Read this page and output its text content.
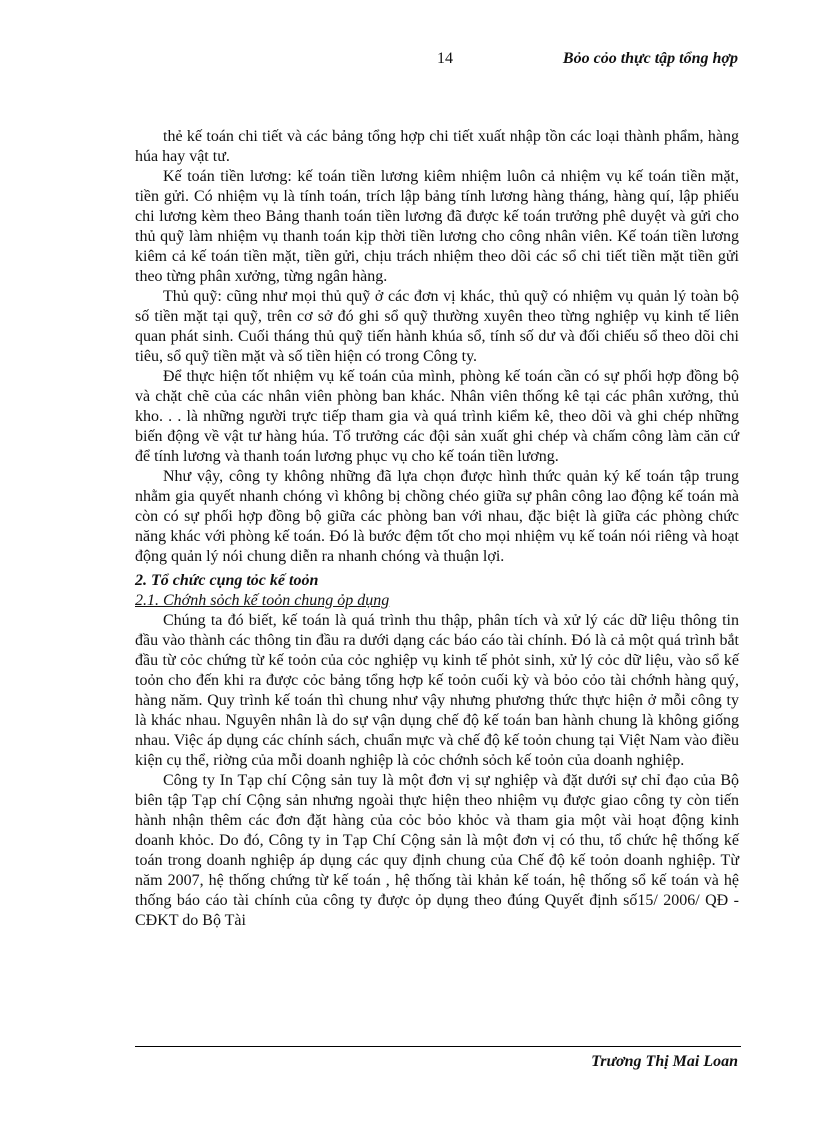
14	Bỏo cỏo thực tập tổng hợp

thẻ kế toán chi tiết và các bảng tổng hợp chi tiết xuất nhập tồn các loại thành phẩm, hàng húa hay vật tư.

Kế toán tiền lương: kế toán tiền lương kiêm nhiệm luôn cả nhiệm vụ kế toán tiền mặt, tiền gửi. Có nhiệm vụ là tính toán, trích lập bảng tính lương hàng tháng, hàng quí, lập phiếu chi lương kèm theo Bảng thanh toán tiền lương đã được kế toán trưởng phê duyệt và gửi cho thủ quỹ làm nhiệm vụ thanh toán kịp thời tiền lương cho công nhân viên. Kế toán tiền lương kiêm cả kế toán tiền mặt, tiền gửi, chịu trách nhiệm theo dõi các sổ chi tiết tiền mặt tiền gửi theo từng phân xưởng, từng ngân hàng.

Thủ quỹ: cũng như mọi thủ quỹ ở các đơn vị khác, thủ quỹ có nhiệm vụ quản lý toàn bộ số tiền mặt tại quỹ, trên cơ sở đó ghi sổ quỹ thường xuyên theo từng nghiệp vụ kinh tế liên quan phát sinh. Cuối tháng thủ quỹ tiến hành khúa sổ, tính số dư và đối chiếu sổ theo dõi chi tiêu, sổ quỹ tiền mặt và số tiền hiện có trong Công ty.

Để thực hiện tốt nhiệm vụ kế toán của mình, phòng kế toán cần có sự phối hợp đồng bộ và chặt chẽ của các nhân viên phòng ban khác. Nhân viên thống kê tại các phân xưởng, thủ kho. . . là những người trực tiếp tham gia và quá trình kiểm kê, theo dõi và ghi chép những biến động về vật tư hàng húa. Tổ trưởng các đội sản xuất ghi chép và chấm công làm căn cứ để tính lương và thanh toán lương phục vụ cho kế toán tiền lương.

Như vậy, công ty không những đã lựa chọn được hình thức quản ký kế toán tập trung nhằm gia quyết nhanh chóng vì không bị chồng chéo giữa sự phân công lao động kế toán mà còn có sự phối hợp đồng bộ giữa các phòng ban với nhau, đặc biệt là giữa các phòng chức năng khác với phòng kế toán. Đó là bước đệm tốt cho mọi nhiệm vụ kế toán nói riêng và hoạt động quản lý nói chung diễn ra nhanh chóng và thuận lợi.

2. Tổ chức cụng tỏc kế toỏn
2.1. Chớnh sỏch kế toỏn chung ỏp dụng

Chúng ta đó biết, kế toán là quá trình thu thập, phân tích và xử lý các dữ liệu thông tin đầu vào thành các thông tin đầu ra dưới dạng các báo cáo tài chính. Đó là cả một quá trình bắt đầu từ cỏc chứng từ kế toỏn của cỏc nghiệp vụ kinh tế phỏt sinh, xử lý cỏc dữ liệu, vào sổ kế toỏn cho đến khi ra được cỏc bảng tổng hợp kế toỏn cuối kỳ và bỏo cỏo tài chớnh hàng quý, hàng năm. Quy trình kế toán thì chung như vậy nhưng phương thức thực hiện ở mỗi công ty là khác nhau. Nguyên nhân là do sự vận dụng chế độ kế toán ban hành chung là không giống nhau. Việc áp dụng các chính sách, chuẩn mực và chế độ kế toỏn chung tại Việt Nam vào điều kiện cụ thể, riờng của mỗi doanh nghiệp là cỏc chớnh sỏch kế toỏn của doanh nghiệp.

Công ty In Tạp chí Cộng sản tuy là một đơn vị sự nghiệp và đặt dưới sự chỉ đạo của Bộ biên tập Tạp chí Cộng sản nhưng ngoài thực hiện theo nhiệm vụ được giao công ty còn tiến hành nhận thêm các đơn đặt hàng của cỏc bỏo khỏc và tham gia một vài hoạt động kinh doanh khỏc. Do đó, Công ty in Tạp Chí Cộng sản là một đơn vị có thu, tổ chức hệ thống kế toán trong doanh nghiệp áp dụng các quy định chung của Chế độ kế toỏn doanh nghiệp. Từ năm 2007, hệ thống chứng từ kế toán , hệ thống tài khản kế toán, hệ thống sổ kế toán và hệ thống báo cáo tài chính của công ty được ỏp dụng theo đúng Quyết định số15/ 2006/ QĐ - CĐKT do Bộ Tài

Trương Thị Mai Loan
